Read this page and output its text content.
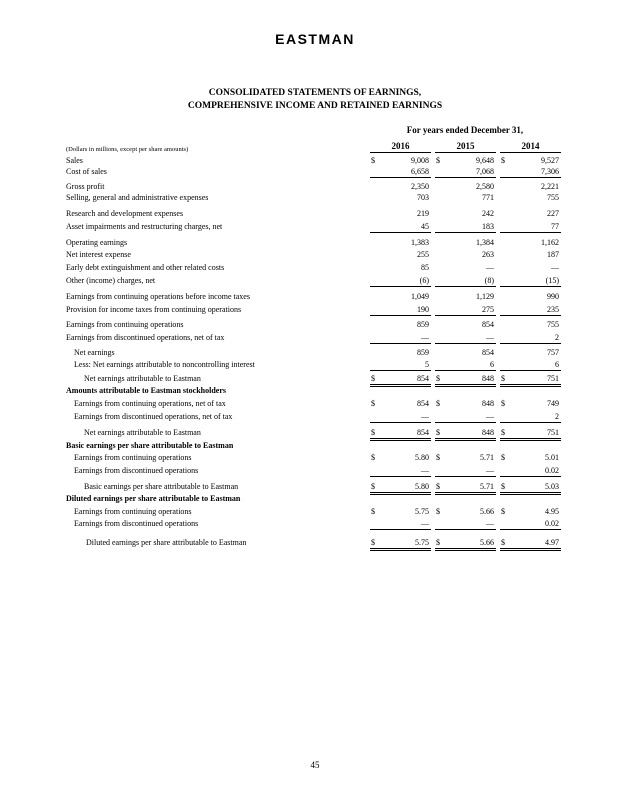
EASTMAN
CONSOLIDATED STATEMENTS OF EARNINGS,
COMPREHENSIVE INCOME AND RETAINED EARNINGS
For years ended December 31,
(Dollars in millions, except per share amounts)	2016	2015	2014
Sales	$	9,008 $	9,648 $	9,527
Cost of sales	6,658	7,068	7,306
Gross profit	2,350	2,580	2,221
Selling, general and administrative expenses	703	771	755
Research and development expenses	219	242	227
Asset impairments and restructuring charges, net	45	183	77
Operating earnings	1,383	1,384	1,162
Net interest expense	255	263	187
Early debt extinguishment and other related costs	85	—	—
Other (income) charges, net	(6)	(8)	(15)
Earnings from continuing operations before income taxes	1,049	1,129	990
Provision for income taxes from continuing operations	190	275	235
Earnings from continuing operations	859	854	755
Earnings from discontinued operations, net of tax	—	—	2
Net earnings	859	854	757
Less: Net earnings attributable to noncontrolling interest	5	6	6
Net earnings attributable to Eastman	$	854 $	848 $	751
Amounts attributable to Eastman stockholders
Earnings from continuing operations, net of tax	$	854 $	848 $	749
Earnings from discontinued operations, net of tax	—	—	2
Net earnings attributable to Eastman	$	854 $	848 $	751
Basic earnings per share attributable to Eastman
Earnings from continuing operations	$	5.80 $	5.71 $	5.01
Earnings from discontinued operations	—	—	0.02
Basic earnings per share attributable to Eastman	$	5.80 $	5.71 $	5.03
Diluted earnings per share attributable to Eastman
Earnings from continuing operations	$	5.75 $	5.66 $	4.95
Earnings from discontinued operations	—	—	0.02
Diluted earnings per share attributable to Eastman	$	5.75 $	5.66 $	4.97
45
